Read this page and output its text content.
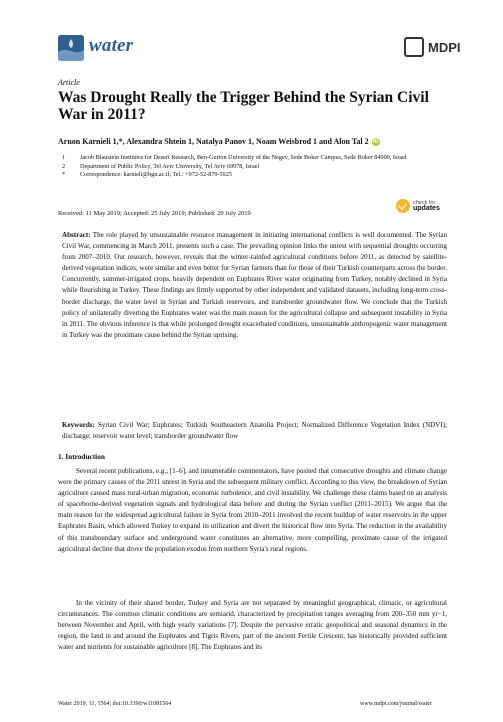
water	MDPI
Article
Was Drought Really the Trigger Behind the Syrian Civil War in 2011?
Arnon Karnieli 1,*, Alexandra Shtein 1, Natalya Panov 1, Noam Weisbrod 1 and Alon Tal 2 iD
1	Jacob Blaustein Institutes for Desert Research, Ben-Gurion University of the Negev, Sede Boker Campus, Sede Boker 84990, Israel
2	Department of Public Policy, Tel Aviv University, Tel Aviv 69978, Israel
*	Correspondence: karnieli@bgu.ac.il; Tel.: +972-52-879-5925
check for
updates
Received: 11 May 2019; Accepted: 25 July 2019; Published: 29 July 2019
Abstract: The role played by unsustainable resource management in initiating international conflicts is well documented. The Syrian Civil War, commencing in March 2011, presents such a case. The prevailing opinion links the unrest with sequential droughts occurring from 2007–2010. Our research, however, reveals that the winter-rainfed agricultural conditions before 2011, as detected by satellite-derived vegetation indices, were similar and even better for Syrian farmers than for those of their Turkish counterparts across the border. Concurrently, summer-irrigated crops, heavily dependent on Euphrates River water originating from Turkey, notably declined in Syria while flourishing in Turkey. These findings are firmly supported by other independent and validated datasets, including long-term cross-border discharge, the water level in Syrian and Turkish reservoirs, and transborder groundwater flow. We conclude that the Turkish policy of unilaterally diverting the Euphrates water was the main reason for the agricultural collapse and subsequent instability in Syria in 2011. The obvious inference is that while prolonged drought exacerbated conditions, unsustainable anthropogenic water management in Turkey was the proximate cause behind the Syrian uprising.
Keywords: Syrian Civil War; Euphrates; Turkish Southeastern Anatolia Project; Normalized Difference Vegetation Index (NDVI); discharge; reservoir water level; transborder groundwater flow
1. Introduction
Several recent publications, e.g., [1–6], and innumerable commentators, have posited that consecutive droughts and climate change were the primary causes of the 2011 unrest in Syria and the subsequent military conflict. According to this view, the breakdown of Syrian agriculture caused mass rural-urban migration, economic turbulence, and civil instability. We challenge these claims based on an analysis of spaceborne-derived vegetation signals and hydrological data before and during the Syrian conflict (2011–2015). We argue that the main reason for the widespread agricultural failure in Syria from 2010–2011 involved the recent buildup of water reservoirs in the upper Euphrates Basin, which allowed Turkey to expand its utilization and divert the historical flow into Syria. The reduction in the availability of this transboundary surface and underground water constitutes an alternative, more compelling, proximate cause of the irrigated agricultural decline that drove the population exodus from northern Syria's rural regions.
In the vicinity of their shared border, Turkey and Syria are not separated by meaningful geographical, climatic, or agricultural circumstances. The common climatic conditions are semiarid, characterized by precipitation ranges averaging from 200–350 mm yr−1, between November and April, with high yearly variations [7]. Despite the pervasive erratic geopolitical and seasonal dynamics in the region, the land in and around the Euphrates and Tigris Rivers, part of the ancient Fertile Crescent, has historically provided sufficient water and nutrients for sustainable agriculture [8]. The Euphrates and its
Water 2019, 11, 1564; doi:10.3390/w11081564	www.mdpi.com/journal/water
